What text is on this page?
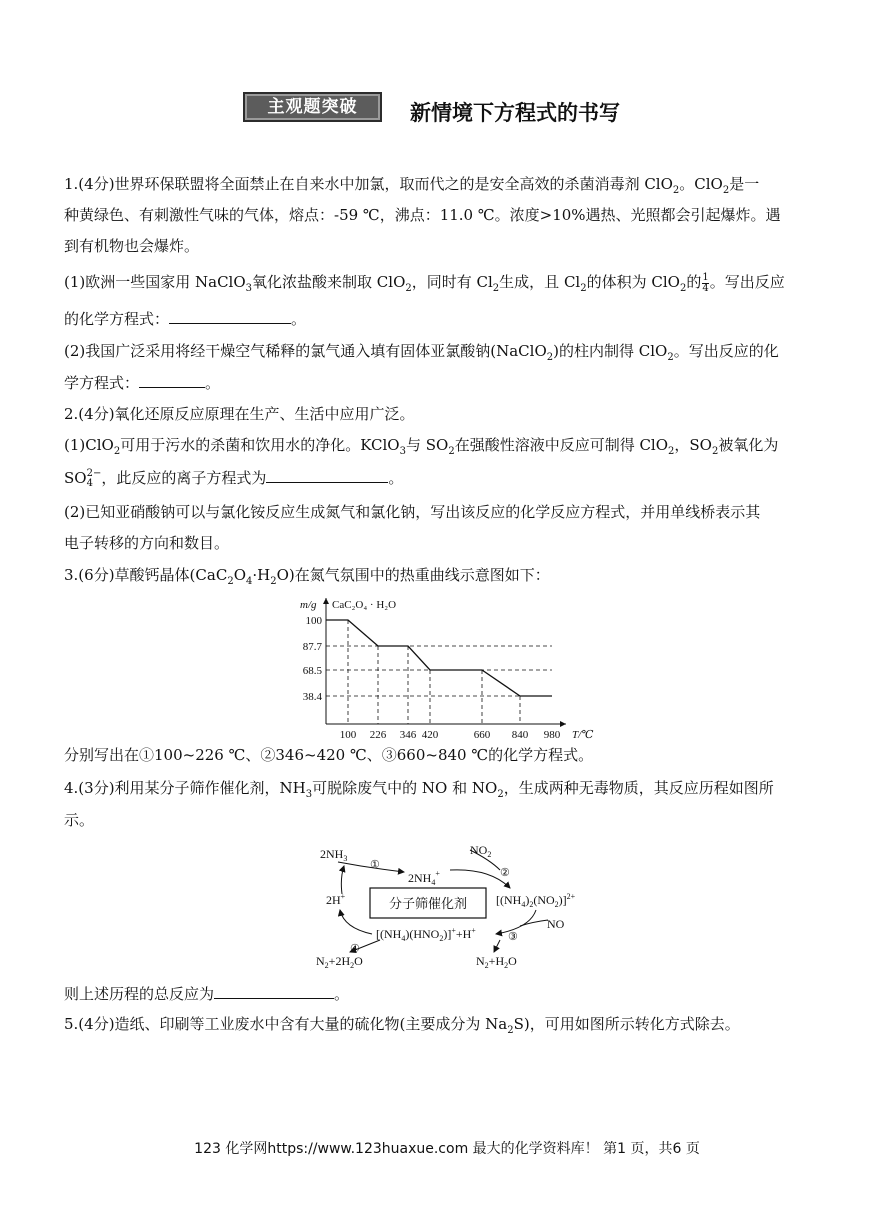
主观题突破	新情境下方程式的书写
1.(4分)世界环保联盟将全面禁止在自来水中加氯，取而代之的是安全高效的杀菌消毒剂 ClO$_2$。ClO$_2$是一
种黄绿色、有刺激性气味的气体，熔点：-59 ℃，沸点：11.0 ℃。浓度>10%遇热、光照都会引起爆炸。遇
到有机物也会爆炸。
(1)欧洲一些国家用 NaClO$_3$氧化浓盐酸来制取 ClO$_2$，同时有 $Cl_2$生成，且 $Cl_2$的体积为 ClO$_2$的 $\frac{1}{4}$ 。写出反应
的化学方程式：	。
(2)我国广泛采用将经干燥空气稀释的氯气通入填有固体亚氯酸钠(NaClO$_2$)的柱内制得 ClO$_2$。写出反应的化
学方程式：	。
2.(4分)氧化还原反应原理在生产、生活中应用广泛。
(1)ClO$_2$可用于污水的杀菌和饮用水的净化。KClO$_3$与 $SO_2$在强酸性溶液中反应可制得 ClO$_2$，$SO_2$被氧化为
SO 2−
4 ，此反应的离子方程式为	。
(2)已知亚硝酸钠可以与氯化铵反应生成氮气和氯化钠，写出该反应的化学反应方程式，并用单线桥表示其
电子转移的方向和数目。
3.(6分)草酸钙晶体$(CaC_2O_4\cdot H_2O)$在氮气氛围中的热重曲线示意图如下：
100 226 346 420	660 840 980
100
87.7
68.5
38.4
m/g
T/℃
CaC₂O₄ · H₂O
分别写出在①100~226 ℃、②346~420 ℃、③660~840 ℃的化学方程式。
4.(3分)利用某分子筛作催化剂，$NH_3$可脱除废气中的 NO 和 $NO_2$，生成两种无毒物质，其反应历程如图所
示。
$2NH_3$
$2NH_4^+$
$NO_2$
$[(NH_4)_2(NO_2)]^{2+}$
2H+
NO
$[(NH_4)(HNO_2)]^++H^+$
$N_2+2H_2O$	$N_2+H_2O$
分子筛催化剂
①
②
③
④
则上述历程的总反应为	。
5.(4分)造纸、印刷等工业废水中含有大量的硫化物(主要成分为 $Na_2S$)，可用如图所示转化方式除去。
123 化学网https://www.123huaxue.com 最大的化学资料库！ 第1 页，共6 页
